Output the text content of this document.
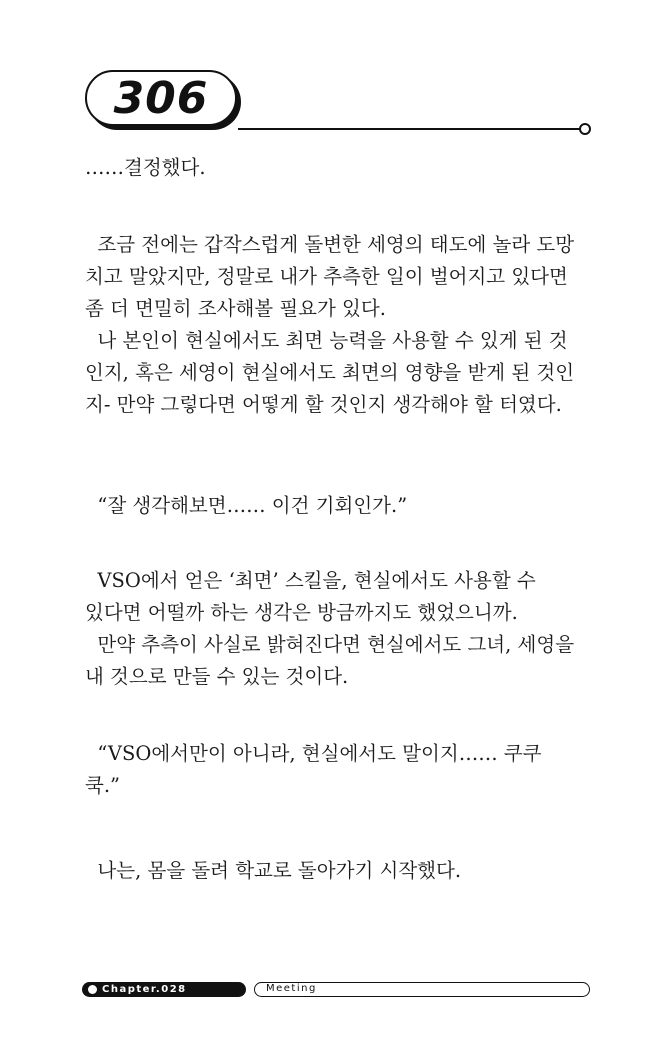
306
……결정했다.
조금 전에는 갑작스럽게 돌변한 세영의 태도에 놀라 도망
치고 말았지만, 정말로 내가 추측한 일이 벌어지고 있다면
좀 더 면밀히 조사해볼 필요가 있다.
나 본인이 현실에서도 최면 능력을 사용할 수 있게 된 것
인지, 혹은 세영이 현실에서도 최면의 영향을 받게 된 것인
지- 만약 그렇다면 어떻게 할 것인지 생각해야 할 터였다.
“잘 생각해보면…… 이건 기회인가.”
VSO에서 얻은 ‘최면’ 스킬을, 현실에서도 사용할 수
있다면 어떨까 하는 생각은 방금까지도 했었으니까.
만약 추측이 사실로 밝혀진다면 현실에서도 그녀, 세영을
내 것으로 만들 수 있는 것이다.
“VSO에서만이 아니라, 현실에서도 말이지…… 쿠쿠
쿡.”
나는, 몸을 돌려 학교로 돌아가기 시작했다.
Chapter.028	Meeting
